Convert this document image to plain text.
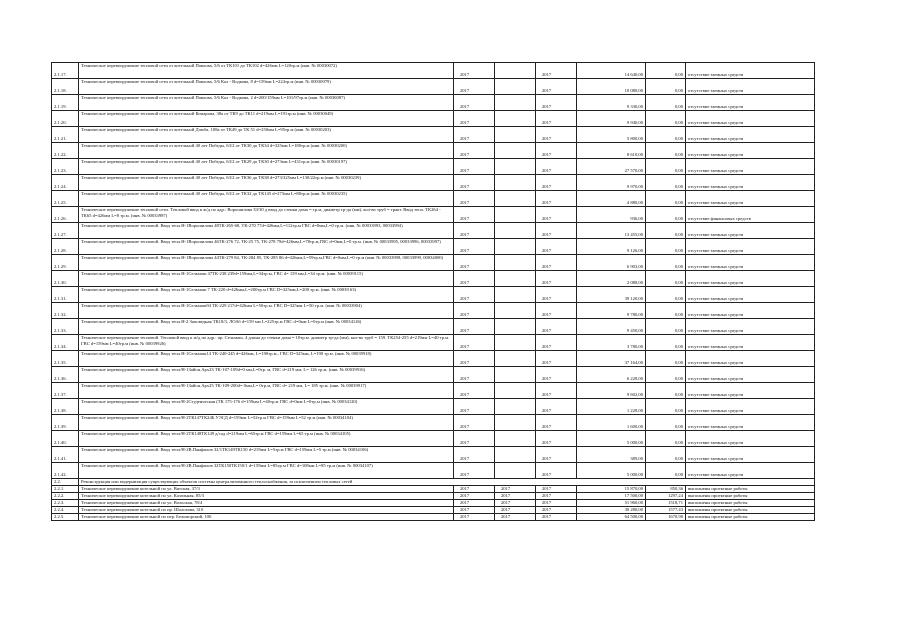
2.1.17.	Техническое перевооружение тепловой сети от котельной Павлова, 5/6 от ТК101 до ТК102 d=426мм L=120тр.м (инв. № 00030072)	2017		2017	14 640,00	0,00	отсутствие заемных средств
2.1.18.	Техническое перевооружение тепловой сети от котельной Павлова, 5/6 Кол - Водкова, 8 d=159мм L=224тр.м (инв. № 00030079)	2017		2017	10 080,00	0,00	отсутствие заемных средств
2.1.19.	Техническое перевооружение тепловой сети от котельной Павлова, 5/6 Кол - Водкова, 2 d=200/159мм L=101/97тр.м (инв. № 00030087)	2017		2017	9 330,00	0,00	отсутствие заемных средств
2.1.20.	Техническое перевооружение тепловой сети от котельной Комарова, 38а от ТК9 до ТК11 d=219мм L=191тр.м (инв. № 00030049)	2017		2017	9 940,00	0,00	отсутствие заемных средств
2.1.21.	Техническое перевооружение тепловой сети от котельной Дзюба, 108а от ТК49 до ТК 51 d=250мм L=95тр.м (инв. № 00030203)	2017		2017	5 800,00	0,00	отсутствие заемных средств
2.1.22.	Техническое перевооружение тепловой сети от котельной 40 лет Победы, 63/2 от ТК30 до ТК34 d=325мм L=180тр.м (инв. № 00030200)	2017		2017	8 610,00	0,00	отсутствие заемных средств
2.1.23.	Техническое перевооружение тепловой сети от котельной 40 лет Победы, 63/2 от ТК29 до ТК30 d=273мм L=431тр.м (инв. № 00030197)	2017		2017	27 570,00	0,00	отсутствие заемных средств
2.1.24.	Техническое перевооружение тепловой сети от котельной 40 лет Победы, 63/2 от ТК36 до ТК38 d=273/325мм L=130/22тр.м (инв. № 00030239)	2017		2017	9 970,00	0,00	отсутствие заемных средств
2.1.25.	Техническое перевооружение тепловой сети от котельной 40 лет Победы, 63/2 от ТК32 до ТК145 d=273мм L=80тр.м (инв. № 00030235)	2017		2017	4 880,00	0,00	отсутствие заемных средств
2.1.26.	Техническое перевооружение тепловой сети. Тепловой ввод к ж/д по адр.: Ворошилова 33/30 д ввод до стенки дома = тр.м, диаметр тр-да (мм), кол-во труб = тракт. Ввод тепл. ТК264 - ТК65 d=426мм L=8 тр.м. (инв. № 00033987)	2017		2017	936,00	0,00	отсутствие финансовых средств
2.1.27.	Техническое перевооружение тепловой. Ввод тепл.Н-1Ворошилова 48ТК-265-68, ТК-270 77d=426мм,L=112тр.м ГВС d=0мм,L=0 тр.м. (инв. № 00033993, 00033994)	2017		2017	13 455,00	0,00	отсутствие заемных средств
2.1.28.	Техническое перевооружение тепловой. Ввод тепл.Н-1Ворошилова 46ТК-276 72, ТК-25 75, ТК-278 79d=426мм,L=78тр.м,ГВС d=0мм,L=0 тр.м. (инв. № 00033995, 00033996, 00033997)	2017		2017	9 126,00	0,00	отсутствие заемных средств
2.1.29.	Техническое перевооружение тепловой. Ввод тепл.Н-1Ворошилова 44ТК-279 84, ТК-284 85, ТК-285 86 d=426мм,L=59тр.м,ГВС d=0мм,L=0 тр.м (инв. № 00033998, 00033999, 00034000)	2017		2017	6 903,00	0,00	отсутствие заемных средств
2.1.30.	Техническое перевооружение тепловой. Ввод тепл.Н-1Сельмаш 47ТК-238 239d=159мм,L=34тр.м, ГВС d= 159 мм,L=34 тр.м. (инв. № 00039115)	2017		2017	2 088,00	0,00	отсутствие заемных средств
2.1.31.	Техническое перевооружение тепловой. Ввод тепл.Н-1Сельмаш 7 ТК-220 d=426мм,L=200тр.м ГВС D=325мм,L=200 тр.м. (инв. № 00039 63)	2017		2017	39 120,00	0,00	отсутствие заемных средств
2.1.32.	Техническое перевооружение тепловой. Ввод тепл.Н-1Сельмаш94 ТК-229 217d=426мм L=50тр.м. ГВС D=325мм L=50 тр.м. (инв. № 00033904)	2017		2017	9 780,00	0,00	отсутствие заемных средств
2.1.33.	Техническое перевооружение тепловой. Ввод тепл.Н-2 Заповедная ТК18/3, ЛОАб d=159 мм L=225тр.м ГВС d=0мм L=0тр.м (инв. № 00034126)	2017		2017	9 450,00	0,00	отсутствие заемных средств
2.1.34.	Техническое перевооружение тепловой. Тепловой ввод к ж/д по адр.: пр. Сельмаш, 4 длина до стенки дома = 10тр.м. диаметр тр-да (мм), кол-во труб = 159. ТК254-255 d=219мм L=40 тр.м. ГВС d=159мм L=40тр.м (инв. № 00039926)	2017		2017	3 780,00	0,00	отсутствие заемных средств
2.1.35.	Техническое перевооружение тепловой. Ввод тепл.Н-1Сельмаш14 ТК-240-245 d=426мм, L=190тр.м., ГВС D=325мм, L=190 тр.м. (инв. № 00039918)	2017		2017	37 164,00	0,00	отсутствие заемных средств
2.1.36.	Техническое перевооружение тепловой. Ввод тепл/Н-1Зайон.Арх23 ТК-107-109d=0 мм,L=0тр. м, ГВС d=219 мм, L= 126 тр.м. (инв. № 00039916)	2017		2017	6 228,00	0,00	отсутствие заемных средств
2.1.37.	Техническое перевооружение тепловой. Ввод тепл/Н-1Зайон.Арх25 ТК-109-200d= 0мм,L= 0тр.м, ГВС d= 219 мм, L= 185 тр.м. (инв. № 00039917)	2017		2017	9 602,00	0,00	отсутствие заемных средств
2.1.38.	Техническое перевооружение тепловой. Ввод тепл/Н-2Студенческая (ТК 175-176 d=159мм L=40тр.м ГВС d=0мм L=0тр.м (инв. № 00034120)	2017		2017	1 228,00	0,00	отсутствие заемных средств
2.1.39.	Техническое перевооружение тепловой. Ввод тепл/Н-2ТК147ТК24Б УЭСД d=159мм L=52тр.м ГВС d=159мм L=52 тр.м (инв. № 00034104)	2017		2017	1 600,00	0,00	отсутствие заемных средств
2.1.40.	Техническое перевооружение тепловой. Ввод тепл/Н-2ТК148ТК149 д/сад d=219мм L=65тр.м ГВС d=159мм L=65 тр.м (инв. № 00034105)	2017		2017	5 000,00	0,00	отсутствие заемных средств
2.1.41.	Техническое перевооружение тепловой. Ввод тепл/Н-2В.Панфилов 32/1ТК149ТК150 d=219мм L=5тр.м ГВС d=159мм L=5 тр.м (инв. № 00034106)	2017		2017	389,00	0,00	отсутствие заемных средств
2.1.42.	Техническое перевооружение тепловой. Ввод тепл/Н-2В.Панфилов 32ТК150ТК150/1 d=159мм L=85тр.м ГВС d=108мм L=85 тр.м (инв. № 00034107)	2017		2017	5 000,00	0,00	отсутствие заемных средств
2.2.	Реконструкция или модернизация существующих объектов системы централизованного теплоснабжения, за исключением тепловых сетей						
2.2.1.	Техническое перевооружение котельной по ул. Вятская, 37/3	2017	2017	2017	15 870,00	850,36	выполнены проектные работы
2.2.2.	Техническое перевооружение котельной по ул. Казачьная, 85/3	2017	2017	2017	17 500,00	1297,24	выполнены проектные работы
2.2.3.	Техническое перевооружение котельной по ул. Вольская, 78/4	2017	2017	2017	51 960,00	1518,71	выполнены проектные работы
2.2.4.	Техническое перевооружение котельной по пр. Шолохова, 310	2017	2017	2017	30 280,00	1577,43	выполнены проектные работы
2.2.5.	Техническое перевооружение котельной по пер. Беломорский, 100	2017	2017	2017	64 500,00	1670,90	выполнены проектные работы
